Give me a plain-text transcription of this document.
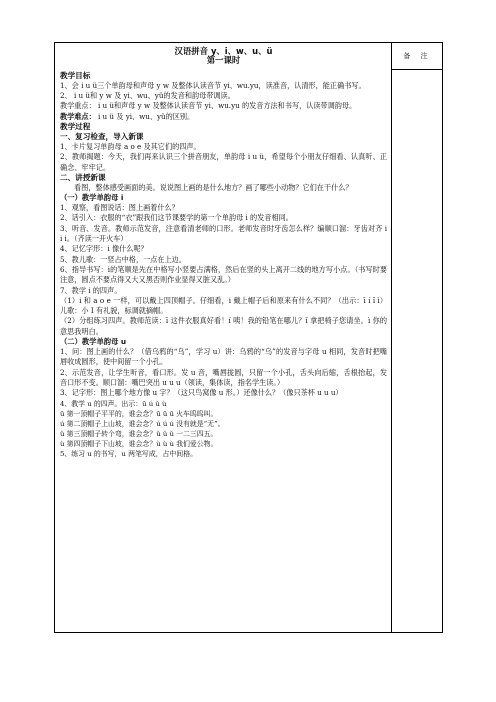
备 注
汉语拼音 y、i、w、u、ü
第一课时
教学目标

1、会 i u ü三个单韵母和声母 y w 及整体认读音节 yi、wu.yu，读准音，认清形，能正确书写。

2、 i u ü和 y w 及 yi、wu、yü的发音和韵母带调读。

教学重点： i u ü和声母 y w 及整体认读音节 yi、wu.yu 的发音方法和书写，认读带调韵母。

教学难点： i u ü 及 yi、wu、yü的区别。

教学过程
一、复习检查，导入新课

1、卡片复习单韵母 a o e 及其它们的四声。

2、教师揭题：今天，我们再来认识三个拼音朋友，单韵母 i u ü，希望每个小朋友仔细看、认真听、正确念、牢牢记。

二、讲授新课

看图，整体感受画面的美。说说图上画的是什么地方？画了哪些小动物？它们在干什么？

（一）教学单韵母 i

1、观察，看图说话：图上画着什么？

2、话引入：衣服的“衣”跟我们这节课要学的第一个单韵母 i 的发音相同。

3、听音、发音。教师示范发音，注意看清老师的口形。老师发音时牙齿怎么样？编顺口溜：牙齿对齐 i i i。（齐读一开火车）

4、记忆字形：i 像什么呢？

5、教儿歌：一竖占中格，一点在上边。

6、指导书写：i的笔顺是先在中格写小竖要占满格，然后在竖的头上离开二线的地方写小点。（书写时要注意，圆点不要点得又大又黑否则作业显得又脏又乱。）

7、教学 i 的四声。

（1）i 和 a o e 一样，可以戴上四顶帽子。仔细看，i 戴上帽子后和原来有什么不同？（出示：ī í ǐ ì）儿歌：小 I 有礼貌，标调就摘帽。

（2）分组练习四声。教师范读：ī 这件衣服真好看！í 咦！我的铅笔在哪儿？ǐ 拿把椅子您请坐。ì 你的意思我明白。

（二）教学单韵母 u

1、问：图上画的什么？（借乌鸦的“乌”，学习 u）讲：乌鸦的“乌”的发音与字母 u 相同，发音时把嘴唇收成圆形，使中间留一个小孔。

2、示范发音，让学生听音，看口形。发 u 音，嘴唇拢圆，只留一个小孔，舌头向后缩，舌根抬起，发音口形不变。顺口溜：嘴巴突出 u u u（领读，集体读，指名学生读。）

3、记字形：图上哪个地方像 u 字？（这只鸟窝像 u 形。）还像什么？（像只茶杯 u u u）

4、教学 u 的四声。出示：ū ú ǔ ù

ū 第一顶帽子平平的，谁会念？ū ū ū 火车呜呜叫。

ú 第二顶帽子上山坡，谁会念？ú ú ú 没有就是“无”。

ǔ 第三顶帽子转个弯，谁会念？ǔ ǔ ǔ 一二三四五。

ù 第四顶帽子下山坡，谁会念？ù ù ù 我们爱公物。

5、练习 u 的书写，u 两笔写成，占中间格。
